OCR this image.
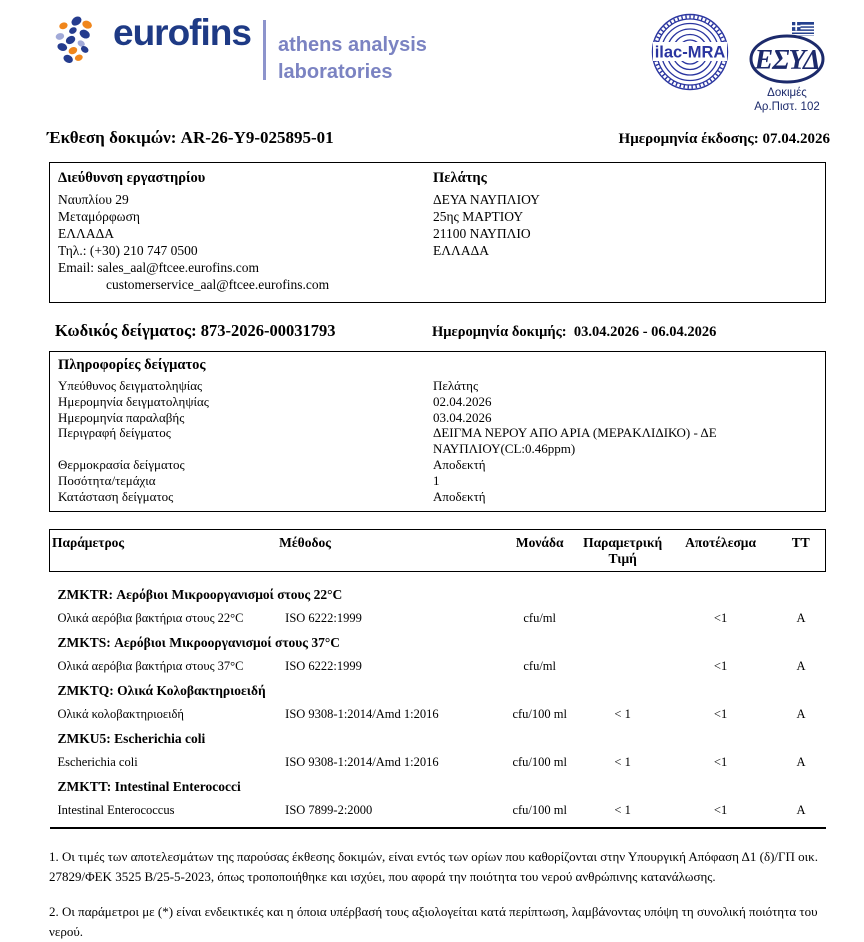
eurofins athens analysis
laboratories
ilac-MRA ΕΣΥΔ
Δοκιμές
Αρ.Πιστ. 102
Έκθεση δοκιμών: AR-26-Y9-025895-01	Ημερομηνία έκδοσης: 07.04.2026
Διεύθυνση εργαστηρίου
Ναυπλίου 29
Μεταμόρφωση
ΕΛΛΑΔΑ
Τηλ.: (+30) 210 747 0500
Email: sales_aal@ftcee.eurofins.com
customerservice_aal@ftcee.eurofins.com
Πελάτης
ΔΕΥΑ ΝΑΥΠΛΙΟΥ
25ης ΜΑΡΤΙΟΥ
21100 ΝΑΥΠΛΙΟ
ΕΛΛΑΔΑ
Κωδικός δείγματος: 873-2026-00031793	Ημερομηνία δοκιμής: 03.04.2026 - 06.04.2026
Πληροφορίες δείγματος
Υπεύθυνος δειγματοληψίας	Πελάτης
Ημερομηνία δειγματοληψίας	02.04.2026
Ημερομηνία παραλαβής	03.04.2026
Περιγραφή δείγματος	ΔΕΙΓΜΑ ΝΕΡΟΥ ΑΠΟ ΑΡΙΑ (ΜΕΡΑΚΛΙΔΙΚΟ) - ΔΕ ΝΑΥΠΛΙΟΥ(CL:0.46ppm)
Θερμοκρασία δείγματος	Αποδεκτή
Ποσότητα/τεμάχια	1
Κατάσταση δείγματος	Αποδεκτή
Παράμετρος	Μέθοδος	Μονάδα	Παραμετρική Τιμή	Αποτέλεσμα	TT

ZMKTR: Αερόβιοι Μικροοργανισμοί στους 22°C					
Ολικά αερόβια βακτήρια στους 22°C	ISO 6222:1999	cfu/ml		<1	A
ZMKTS: Αερόβιοι Μικροοργανισμοί στους 37°C					
Ολικά αερόβια βακτήρια στους 37°C	ISO 6222:1999	cfu/ml		<1	A
ZMKTQ: Ολικά Κολοβακτηριοειδή					
Ολικά κολοβακτηριοειδή	ISO 9308-1:2014/Amd 1:2016	cfu/100 ml	< 1	<1	A
ZMKU5: Escherichia coli					
Escherichia coli	ISO 9308-1:2014/Amd 1:2016	cfu/100 ml	< 1	<1	A
ZMKTT: Intestinal Enterococci					
Intestinal Enterococcus	ISO 7899-2:2000	cfu/100 ml	< 1	<1	A

1. Οι τιμές των αποτελεσμάτων της παρούσας έκθεσης δοκιμών, είναι εντός των ορίων που καθορίζονται στην Υπουργική Απόφαση Δ1 (δ)/ΓΠ οικ. 27829/ΦΕΚ 3525 Β/25-5-2023, όπως τροποποιήθηκε και ισχύει, που αφορά την ποιότητα του νερού ανθρώπινης κατανάλωσης.
2. Οι παράμετροι με (*) είναι ενδεικτικές και η όποια υπέρβασή τους αξιολογείται κατά περίπτωση, λαμβάνοντας υπόψη τη συνολική ποιότητα του νερού.
